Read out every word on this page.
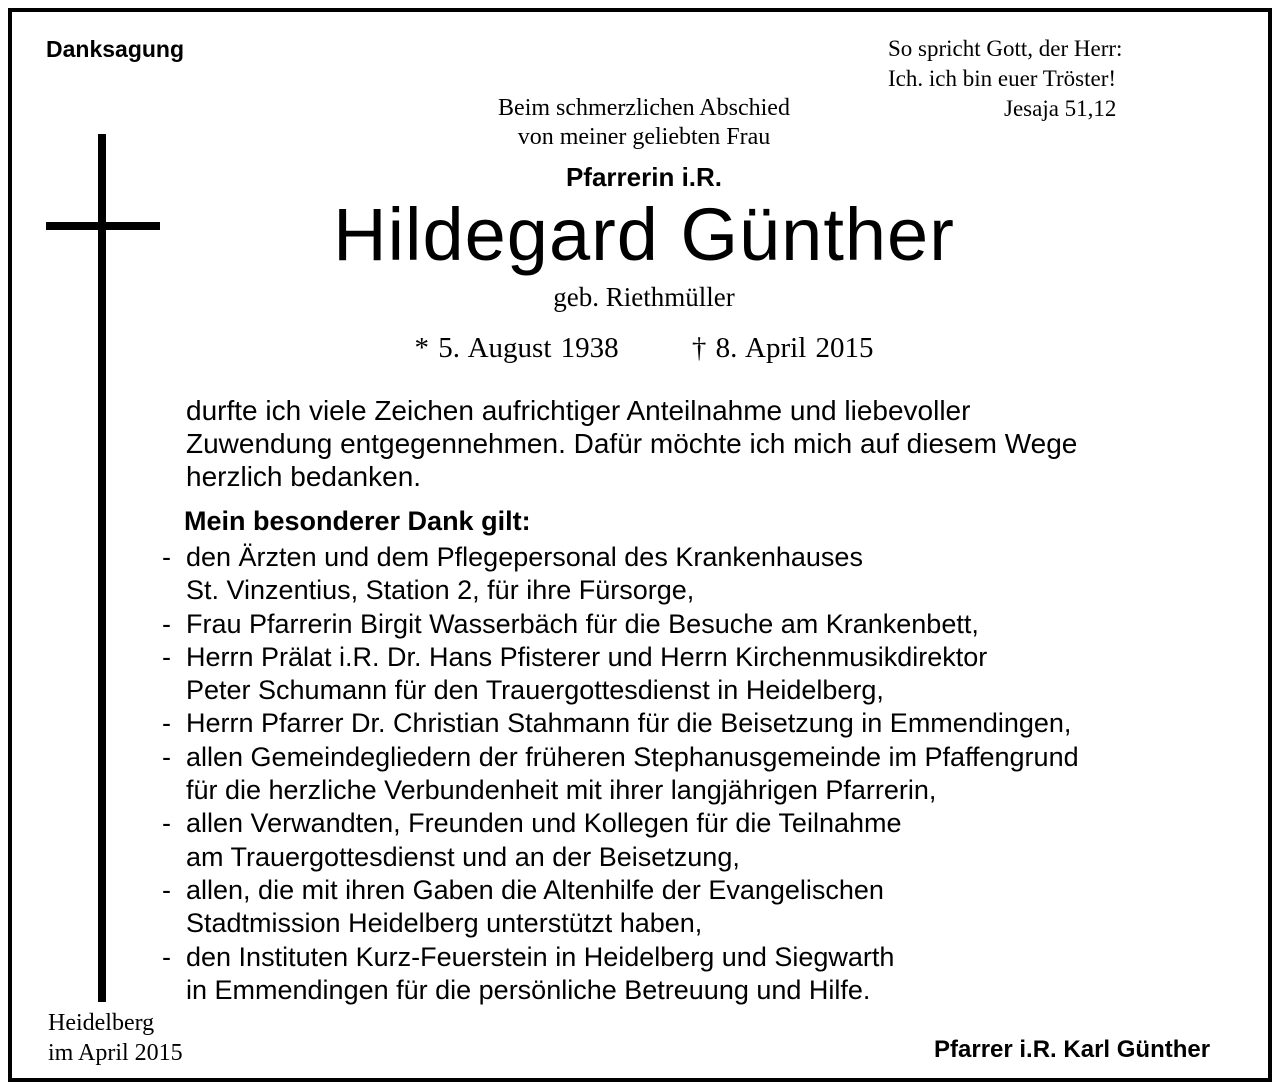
Danksagung	So spricht Gott, der Herr:
Ich. ich bin euer Tröster!
Jesaja 51,12
Beim schmerzlichen Abschied
von meiner geliebten Frau
Pfarrerin i.R.
Hildegard Günther
geb. Riethmüller
* 5. August 1938	† 8. April 2015
durfte ich viele Zeichen aufrichtiger Anteilnahme und liebevoller
Zuwendung entgegennehmen. Dafür möchte ich mich auf diesem Wege
herzlich bedanken.
Mein besonderer Dank gilt:
- den Ärzten und dem Pflegepersonal des Krankenhauses
St. Vinzentius, Station 2, für ihre Fürsorge,
- Frau Pfarrerin Birgit Wasserbäch für die Besuche am Krankenbett,
- Herrn Prälat i.R. Dr. Hans Pfisterer und Herrn Kirchenmusikdirektor
Peter Schumann für den Trauergottesdienst in Heidelberg,
- Herrn Pfarrer Dr. Christian Stahmann für die Beisetzung in Emmendingen,
- allen Gemeindegliedern der früheren Stephanusgemeinde im Pfaffengrund
für die herzliche Verbundenheit mit ihrer langjährigen Pfarrerin,
- allen Verwandten, Freunden und Kollegen für die Teilnahme
am Trauergottesdienst und an der Beisetzung,
- allen, die mit ihren Gaben die Altenhilfe der Evangelischen
Stadtmission Heidelberg unterstützt haben,
- den Instituten Kurz-Feuerstein in Heidelberg und Siegwarth
in Emmendingen für die persönliche Betreuung und Hilfe.
Heidelberg
im April 2015	Pfarrer i.R. Karl Günther
